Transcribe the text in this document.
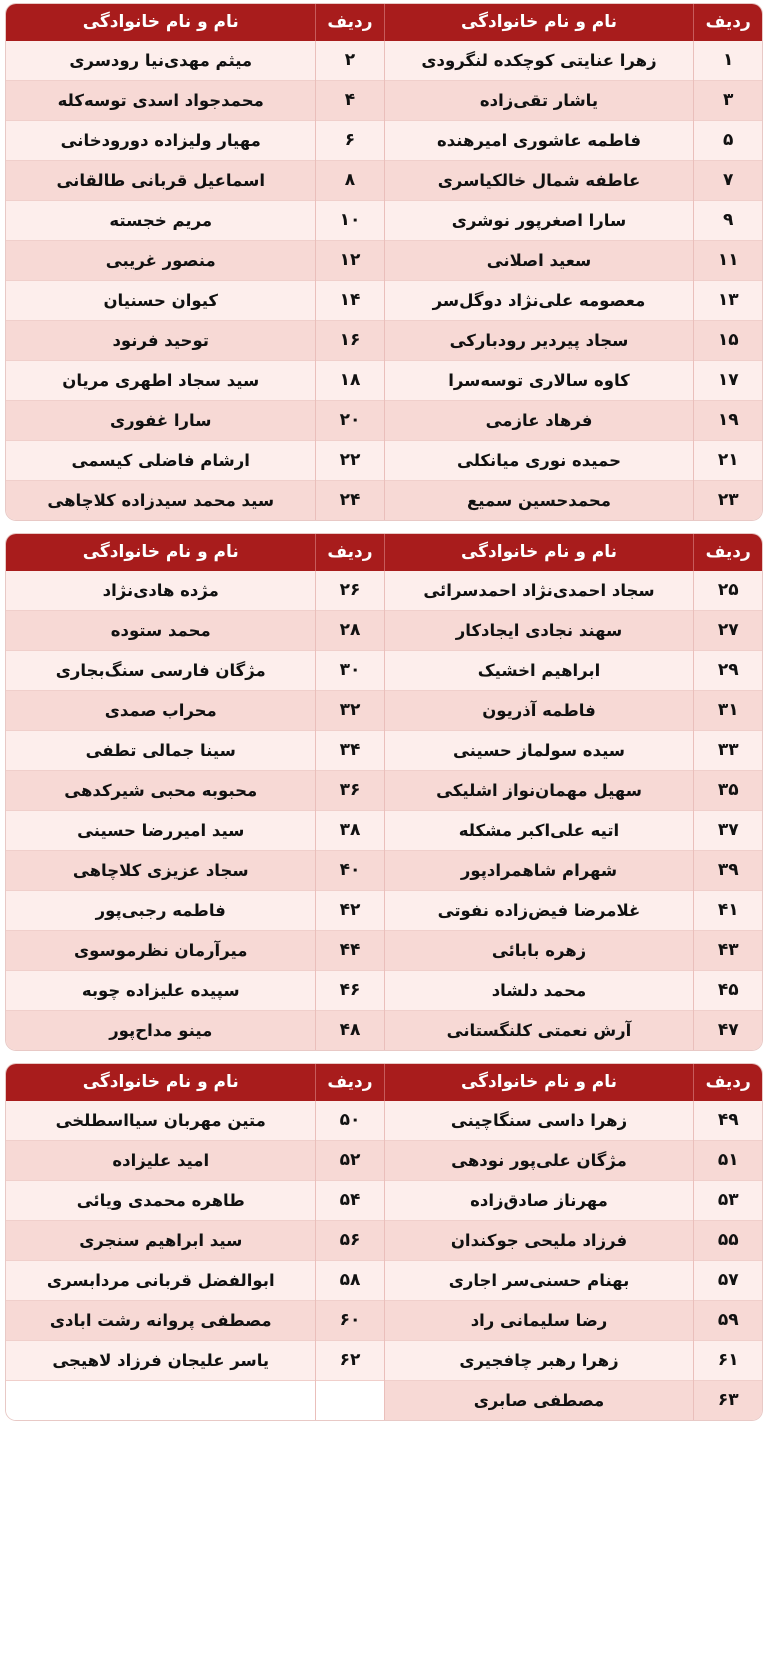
ردیف	نام و نام خانوادگی	ردیف	نام و نام خانوادگی
۱	زهرا عنایتی کوچکده لنگرودی	۲	میثم مهدی‌نیا رودسری
۳	یاشار تقی‌زاده	۴	محمدجواد اسدی توسه‌کله
۵	فاطمه عاشوری امیرهنده	۶	مهیار ولیزاده دورودخانی
۷	عاطفه شمال خالکیاسری	۸	اسماعیل قربانی طالقانی
۹	سارا اصغرپور نوشری	۱۰	مریم خجسته
۱۱	سعید اصلانی	۱۲	منصور غریبی
۱۳	معصومه علی‌نژاد دوگل‌سر	۱۴	کیوان حسنیان
۱۵	سجاد پیردیر رودبارکی	۱۶	توحید فرنود
۱۷	کاوه سالاری توسه‌سرا	۱۸	سید سجاد اطهری مریان
۱۹	فرهاد عازمی	۲۰	سارا غفوری
۲۱	حمیده نوری میانکلی	۲۲	ارشام فاضلی کیسمی
۲۳	محمدحسین سمیع	۲۴	سید محمد سیدزاده کلاچاهی
ردیف	نام و نام خانوادگی	ردیف	نام و نام خانوادگی
۲۵	سجاد احمدی‌نژاد احمدسرائی	۲۶	مژده هادی‌نژاد
۲۷	سهند نجادی ایجادکار	۲۸	محمد ستوده
۲۹	ابراهیم اخشیک	۳۰	مژگان فارسی سنگ‌بجاری
۳۱	فاطمه آذریون	۳۲	محراب صمدی
۳۳	سیده سولماز حسینی	۳۴	سینا جمالی تطفی
۳۵	سهیل مهمان‌نواز اشلیکی	۳۶	محبوبه محبی شیرکدهی
۳۷	اتیه علی‌اکبر مشکله	۳۸	سید امیررضا حسینی
۳۹	شهرام شاهمرادپور	۴۰	سجاد عزیزی کلاچاهی
۴۱	غلامرضا فیض‌زاده نفوتی	۴۲	فاطمه رجبی‌پور
۴۳	زهره بابائی	۴۴	میرآرمان نظرموسوی
۴۵	محمد دلشاد	۴۶	سپیده علیزاده چوبه
۴۷	آرش نعمتی کلنگستانی	۴۸	مینو مداح‌پور
ردیف	نام و نام خانوادگی	ردیف	نام و نام خانوادگی
۴۹	زهرا داسی سنگاچینی	۵۰	متین مهربان سیااسطلخی
۵۱	مژگان علی‌پور نودهی	۵۲	امید علیزاده
۵۳	مهرناز صادق‌زاده	۵۴	طاهره محمدی ویائی
۵۵	فرزاد ملیحی جوکندان	۵۶	سید ابراهیم سنجری
۵۷	بهنام حسنی‌سر اجاری	۵۸	ابوالفضل قربانی مردابسری
۵۹	رضا سلیمانی راد	۶۰	مصطفی پروانه رشت ابادی
۶۱	زهرا رهبر چافجیری	۶۲	یاسر علیجان فرزاد لاهیجی
۶۳	مصطفی صابری		
